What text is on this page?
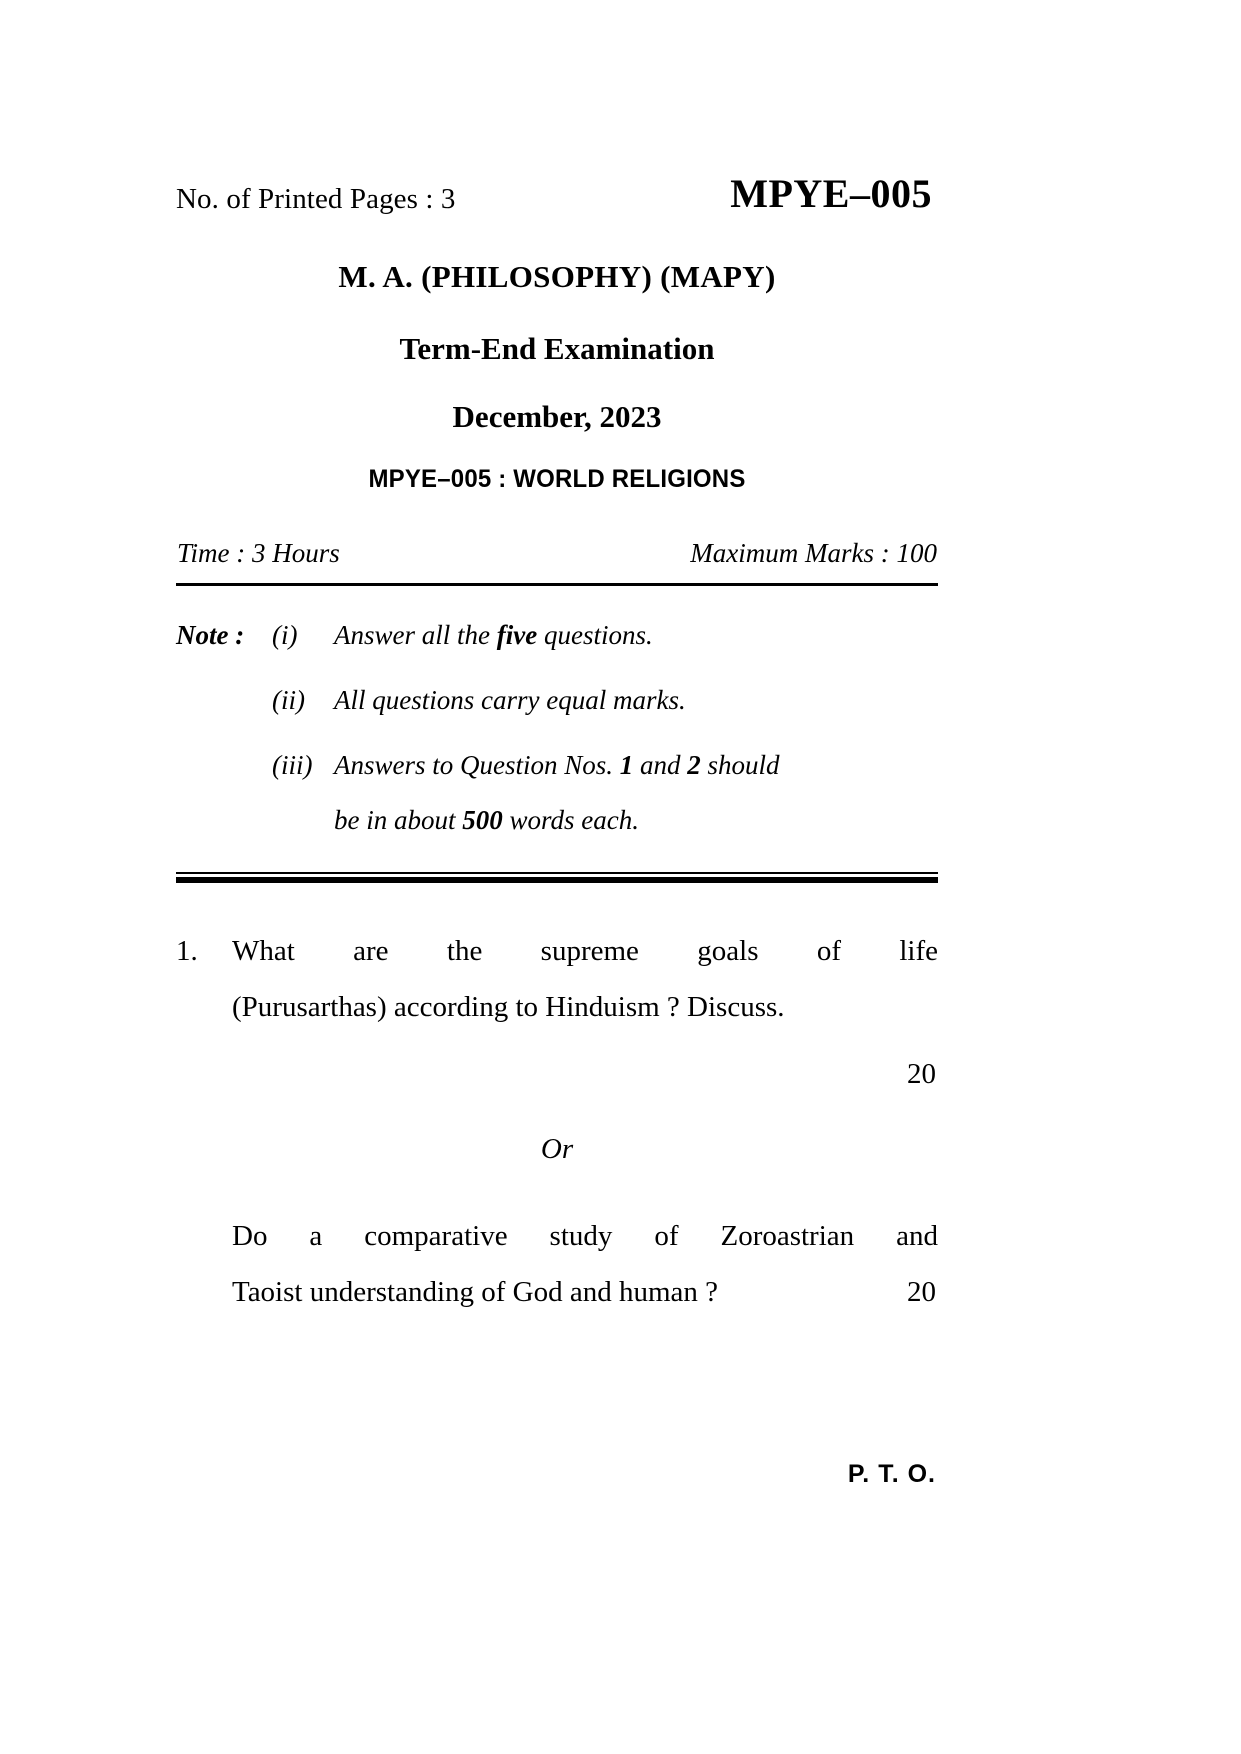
No. of Printed Pages : 3	MPYE–005
M. A. (PHILOSOPHY) (MAPY)
Term-End Examination
December, 2023
MPYE–005 : WORLD RELIGIONS
Time : 3 Hours	Maximum Marks : 100
Note :	(i)	Answer all the five questions.
(ii)	All questions carry equal marks.
(iii) Answers to Question Nos. 1 and 2 should
be in about 500 words each.
1.	What are the supreme goals of life
(Purusarthas) according to Hinduism ? Discuss.
20
Or
Do a comparative study of Zoroastrian and
Taoist understanding of God and human ?	20
P. T. O.
